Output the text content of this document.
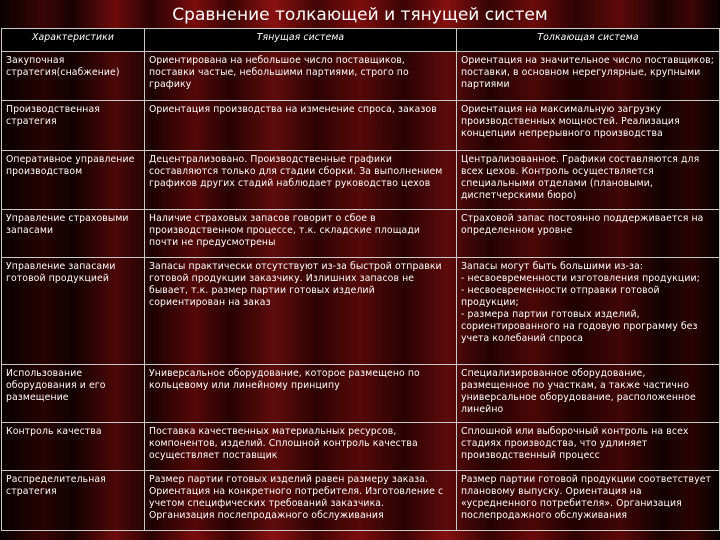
Сравнение толкающей и тянущей систем
Характеристики	Тянущая система	Толкающая система
Закупочная стратегия(снабжение)	Ориентирована на небольшое число поставщиков, поставки частые, небольшими партиями, строго по графику	Ориентация на значительное число поставщиков; поставки, в основном нерегулярные, крупными партиями
Производственная стратегия	Ориентация производства на изменение спроса, заказов	Ориентация на максимальную загрузку производственных мощностей. Реализация концепции непрерывного производства
Оперативное управление производством	Децентрализовано. Производственные графики составляются только для стадии сборки. За выполнением графиков других стадий наблюдает руководство цехов	Централизованное. Графики составляются для всех цехов. Контроль осуществляется специальными отделами (плановыми, диспетчерскими бюро)
Управление страховыми запасами	Наличие страховых запасов говорит о сбое в производственном процессе, т.к. складские площади почти не предусмотрены	Страховой запас постоянно поддерживается на определенном уровне
Управление запасами готовой продукцией	Запасы практически отсутствуют из-за быстрой отправки готовой продукции заказчику. Излишних запасов не бывает, т.к. размер партии готовых изделий сориентирован на заказ	Запасы могут быть большими из-за:
- несвоевременности изготовления продукции;
- несвоевременности отправки готовой продукции;
- размера партии готовых изделий, сориентированного на годовую программу без учета колебаний спроса

Использование оборудования и его размещение	Универсальное оборудование, которое размещено по кольцевому или линейному принципу	Специализированное оборудование, размещенное по участкам, а также частично универсальное оборудование, расположенное линейно
Контроль качества	Поставка качественных материальных ресурсов, компонентов, изделий. Сплошной контроль качества осуществляет поставщик	Сплошной или выборочный контроль на всех стадиях производства, что удлиняет производственный процесс
Распределительная стратегия	Размер партии готовых изделий равен размеру заказа. Ориентация на конкретного потребителя. Изготовление с учетом специфических требований заказчика. Организация послепродажного обслуживания	Размер партии готовой продукции соответствует плановому выпуску. Ориентация на «усредненного потребителя». Организация послепродажного обслуживания
